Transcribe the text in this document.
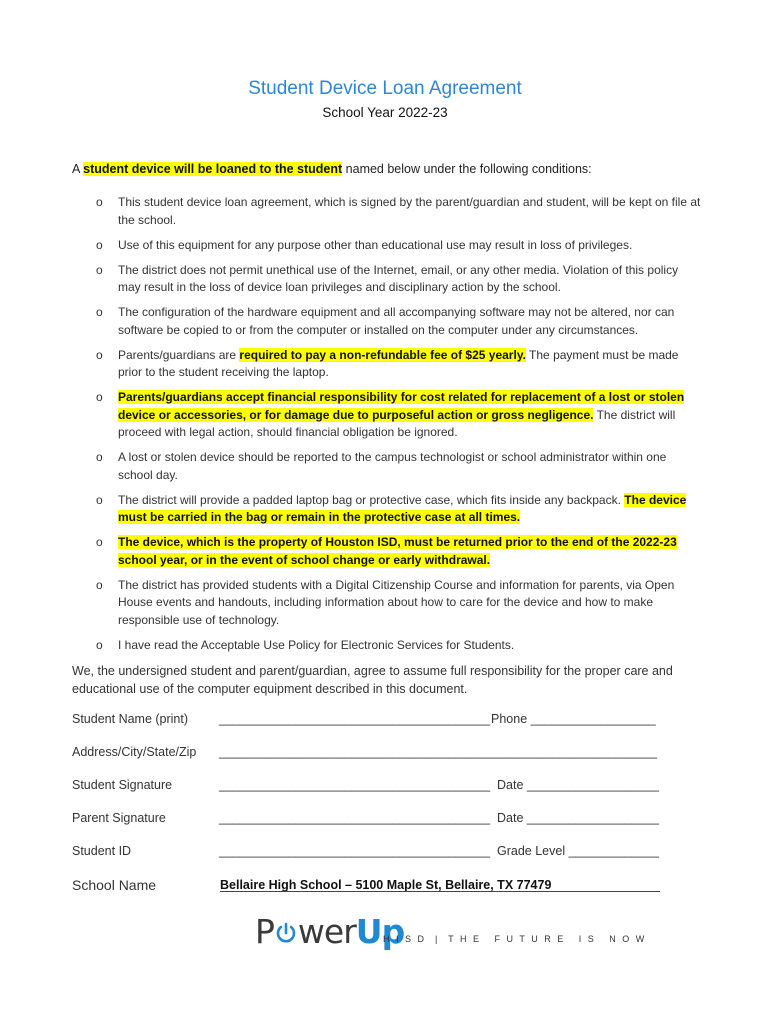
Student Device Loan Agreement
School Year 2022-23
A student device will be loaned to the student named below under the following conditions:
o This student device loan agreement, which is signed by the parent/guardian and student, will be kept on file at the school.
o Use of this equipment for any purpose other than educational use may result in loss of privileges.
o The district does not permit unethical use of the Internet, email, or any other media. Violation of this policy may result in the loss of device loan privileges and disciplinary action by the school.
o The configuration of the hardware equipment and all accompanying software may not be altered, nor can software be copied to or from the computer or installed on the computer under any circumstances.
o Parents/guardians are required to pay a non-refundable fee of $25 yearly. The payment must be made prior to the student receiving the laptop.
o Parents/guardians accept financial responsibility for cost related for replacement of a lost or stolen device or accessories, or for damage due to purposeful action or gross negligence. The district will proceed with legal action, should financial obligation be ignored.
o A lost or stolen device should be reported to the campus technologist or school administrator within one school day.
o The district will provide a padded laptop bag or protective case, which fits inside any backpack. The device must be carried in the bag or remain in the protective case at all times.
o The device, which is the property of Houston ISD, must be returned prior to the end of the 2022-23 school year, or in the event of school change or early withdrawal.
o The district has provided students with a Digital Citizenship Course and information for parents, via Open House events and handouts, including information about how to care for the device and how to make responsible use of technology.
o I have read the Acceptable Use Policy for Electronic Services for Students.
We, the undersigned student and parent/guardian, agree to assume full responsibility for the proper care and educational use of the computer equipment described in this document.
Student Name (print) _______________________________________ Phone __________________
Address/City/State/Zip _______________________________________________________________
Student Signature	_______________________________________ Date ___________________
Parent Signature	_______________________________________ Date ___________________
Student ID	_______________________________________ Grade Level _____________
School Name	Bellaire High School – 5100 Maple St, Bellaire, TX 77479
P werUp
H I S D  |  T H E   F U T U R E   I S   N O W
